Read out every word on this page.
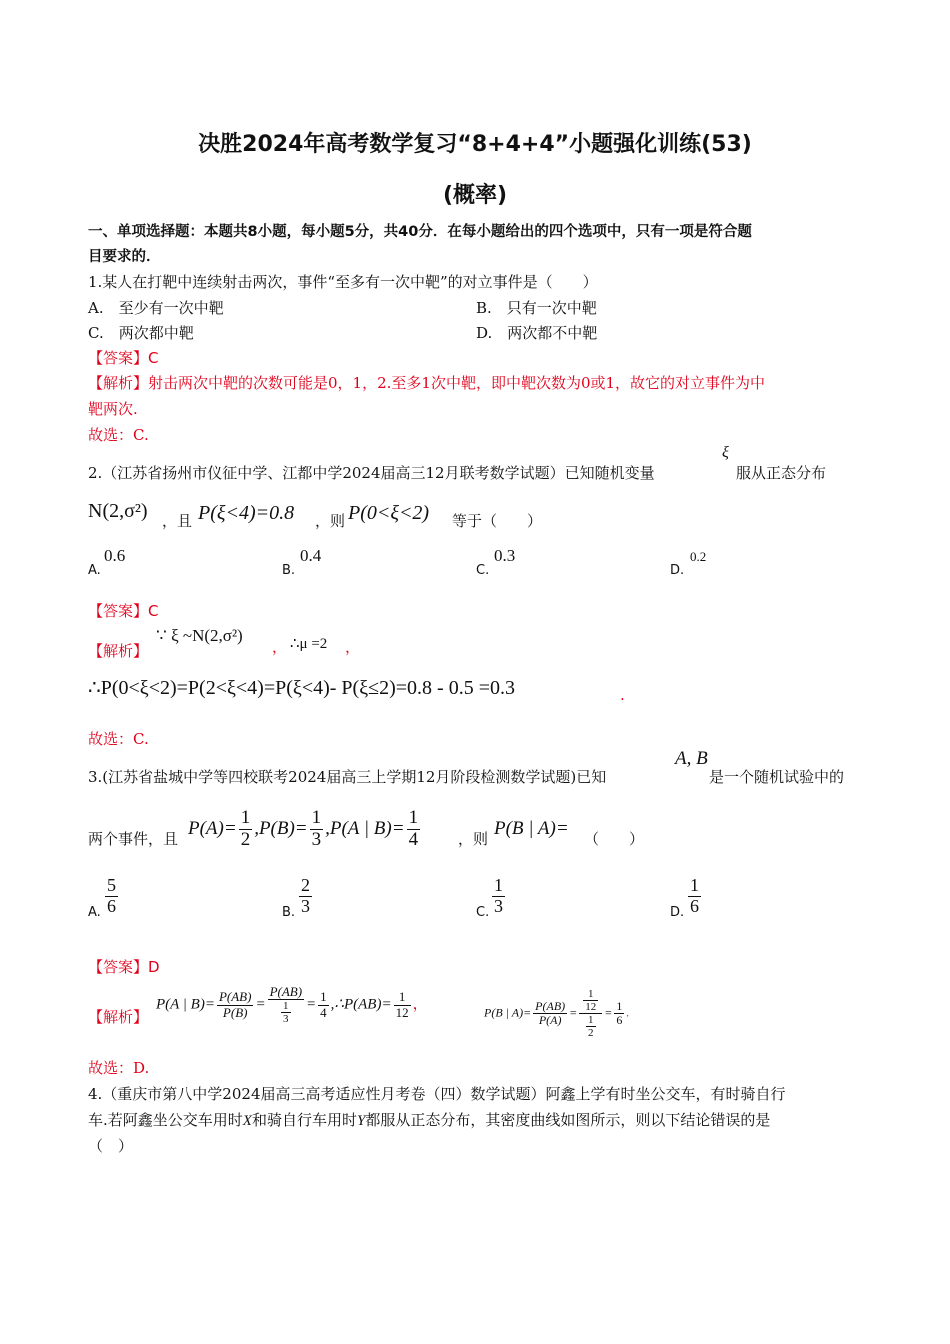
决胜2024年高考数学复习“8+4+4”小题强化训练(53)
(概率)
一、单项选择题：本题共8小题，每小题5分，共40分．在每小题给出的四个选项中，只有一项是符合题
目要求的．
1.某人在打靶中连续射击两次，事件“至多有一次中靶”的对立事件是（　　）
A.　至少有一次中靶	B.　只有一次中靶
C.　两次都中靶	D.　两次都不中靶
【答案】C
【解析】射击两次中靶的次数可能是0，1，2.至多1次中靶，即中靶次数为0或1，故它的对立事件为中
靶两次.
故选：C.
2.（江苏省扬州市仪征中学、江都中学2024届高三12月联考数学试题）已知随机变量
ξ
服从正态分布
N(2,σ²) ，且 P(ξ<4)=0.8 ，则 P(0<ξ<2) 等于（　　）
A.
0.6
B.
0.4
C.
0.3
D.
0.2
【答案】C
【解析】
∵ ξ ~N(2,σ²)
， ∴μ =2 ，
∴P(0<ξ<2)=P(2<ξ<4)=P(ξ<4)- P(ξ≤2)=0.8 - 0.5 =0.3	.
故选：C.
3.(江苏省盐城中学等四校联考2024届高三上学期12月阶段检测数学试题)已知
A, B
是一个随机试验中的
两个事件，且
$P(A)= \frac{1}{2} ,P(B)= \frac{1}{3} ,P(A$ | $B)= \frac{1}{4}$	，则 P(B | A)= （　　）
A. $\frac{5}{6}$	B. $\frac{2}{3}$	C. $\frac{1}{3}$	D. $\frac{1}{6}$
【答案】D
【解析】
P(A | $B)= \frac{P(AB)}{P(B)} = \frac{P(AB)}{\frac{1}{3}} = \frac{1}{4}$ ,∴P(AB)= $\frac{1}{12}$ ，	P(B | $A)= \frac{P(AB)}{P(A)} = \frac{\frac{1}{12}}{\frac{1}{2}} = \frac{1}{6}$ .
故选：D.
4.（重庆市第八中学2024届高三高考适应性月考卷（四）数学试题）阿鑫上学有时坐公交车，有时骑自行
车.若阿鑫坐公交车用时X和骑自行车用时Y都服从正态分布，其密度曲线如图所示，则以下结论错误的是
（　）
